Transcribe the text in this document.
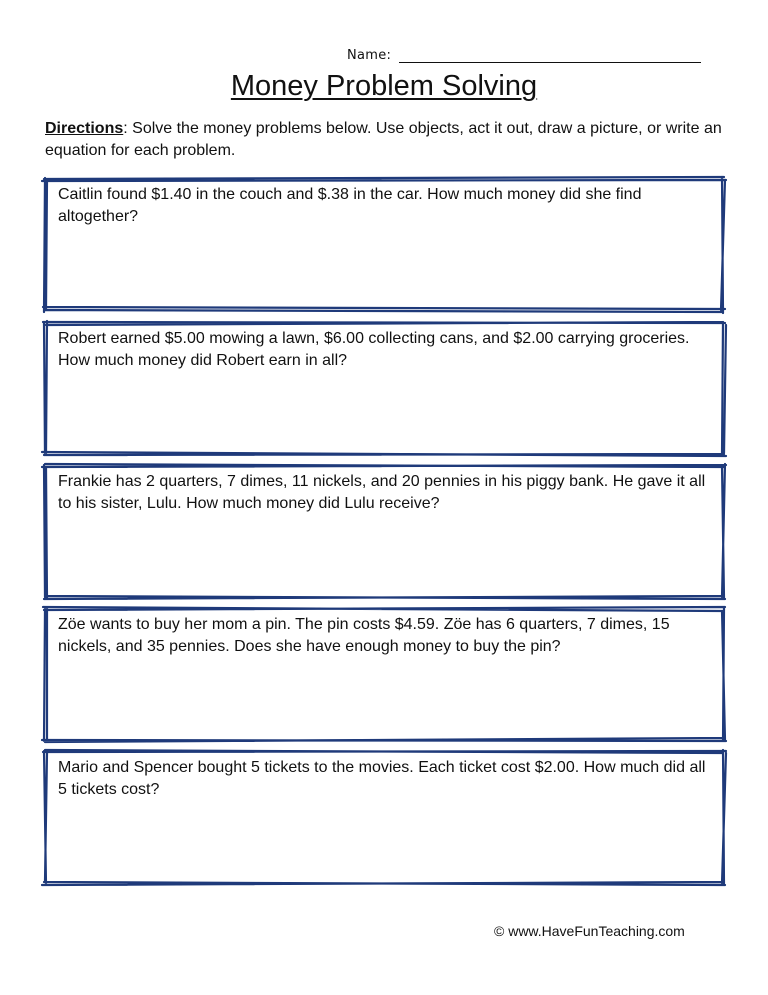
Name:
Money Problem Solving
Directions: Solve the money problems below. Use objects, act it out, draw a picture, or write an equation for each problem.
Caitlin found $1.40 in the couch and $.38 in the car. How much money did she find altogether?
Robert earned $5.00 mowing a lawn, $6.00 collecting cans, and $2.00 carrying groceries. How much money did Robert earn in all?
Frankie has 2 quarters, 7 dimes, 11 nickels, and 20 pennies in his piggy bank. He gave it all to his sister, Lulu. How much money did Lulu receive?
Zöe wants to buy her mom a pin. The pin costs $4.59. Zöe has 6 quarters, 7 dimes, 15 nickels, and 35 pennies. Does she have enough money to buy the pin?
Mario and Spencer bought 5 tickets to the movies. Each ticket cost $2.00. How much did all 5 tickets cost?
© www.HaveFunTeaching.com
